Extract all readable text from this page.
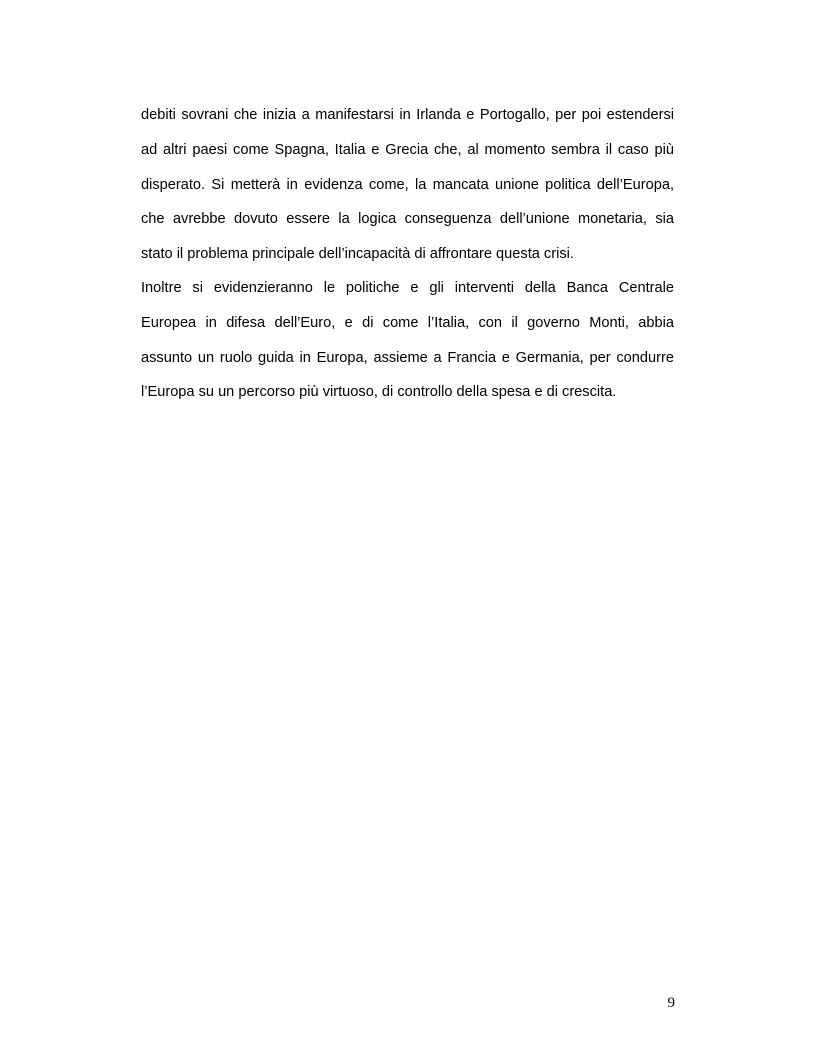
debiti sovrani che inizia a manifestarsi in Irlanda e Portogallo, per poi estendersi

ad altri paesi come Spagna, Italia e Grecia che, al momento sembra il caso più

disperato. Si metterà in evidenza come, la mancata unione politica dell’Europa,

che avrebbe dovuto essere la logica conseguenza dell’unione monetaria, sia

stato il problema principale dell’incapacità di affrontare questa crisi.

Inoltre si evidenzieranno le politiche e gli interventi della Banca Centrale

Europea in difesa dell’Euro, e di come l’Italia, con il governo Monti, abbia

assunto un ruolo guida in Europa, assieme a Francia e Germania, per condurre

l’Europa su un percorso più virtuoso, di controllo della spesa e di crescita.

9
